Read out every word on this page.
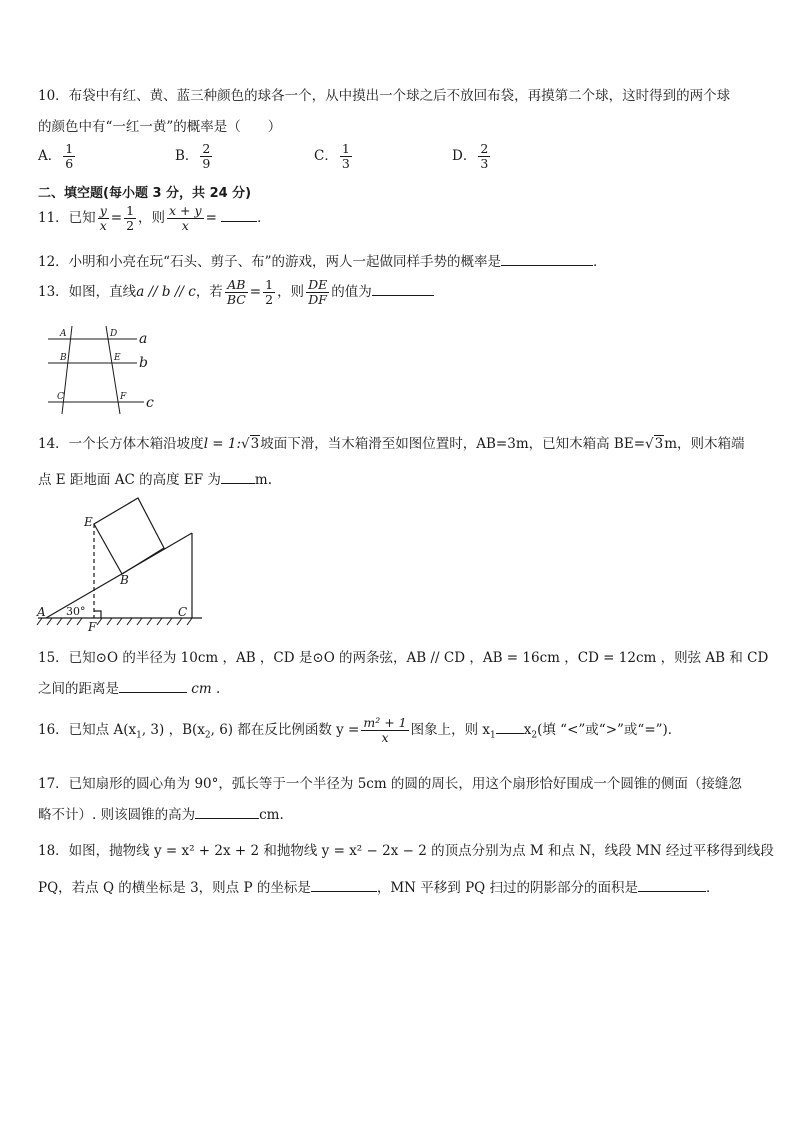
10．布袋中有红、黄、蓝三种颜色的球各一个，从中摸出一个球之后不放回布袋，再摸第二个球，这时得到的两个球
的颜色中有“一红一黄”的概率是（　　）
A． $\frac{1}{6}$	B． $\frac{2}{9}$	C． $\frac{1}{3}$	D． $\frac{2}{3}$
二、填空题(每小题 3 分，共 24 分)
11．已知 $\frac{y}{x} = \frac{1}{2}$ ，则 $\frac{x + y}{x}$ =	．
12．小明和小亮在玩“石头、剪子、布”的游戏，两人一起做同样手势的概率是	．
13．如图，直线a // b // c，若 $\frac{AB}{BC} = \frac{1}{2}$ ，则 $\frac{DE}{DF}$ 的值为
A
B
C
D
E
F
a
b
c
14．一个长方体木箱沿坡度l = 1:√3坡面下滑，当木箱滑至如图位置时，AB=3m，已知木箱高 BE=√3m，则木箱端
点 E 距地面 AC 的高度 EF 为	m.
E
B
A	C
F
30°
15．已知⊙O 的半径为 10cm ，AB ，CD 是⊙O 的两条弦，AB // CD ，AB = 16cm ，CD = 12cm ，则弦 AB 和 CD
之间的距离是	cm .
16．已知点 $A(x_1$, 3) ，$B(x_2$, 6) 都在反比例函数 $y = \frac{\text{m² + 1}}{x}$ 图象上，则 $x_1$ $x_2$(填 “<”或“>”或“=”)．
17．已知扇形的圆心角为 90°，弧长等于一个半径为 5cm 的圆的周长，用这个扇形恰好围成一个圆锥的侧面（接缝忽
略不计）. 则该圆锥的高为	cm.
18．如图，抛物线 y = x² + 2x + 2 和抛物线 y = x² − 2x − 2 的顶点分别为点 M 和点 N，线段 MN 经过平移得到线段
PQ，若点 Q 的横坐标是 3，则点 P 的坐标是	，MN 平移到 PQ 扫过的阴影部分的面积是	．
